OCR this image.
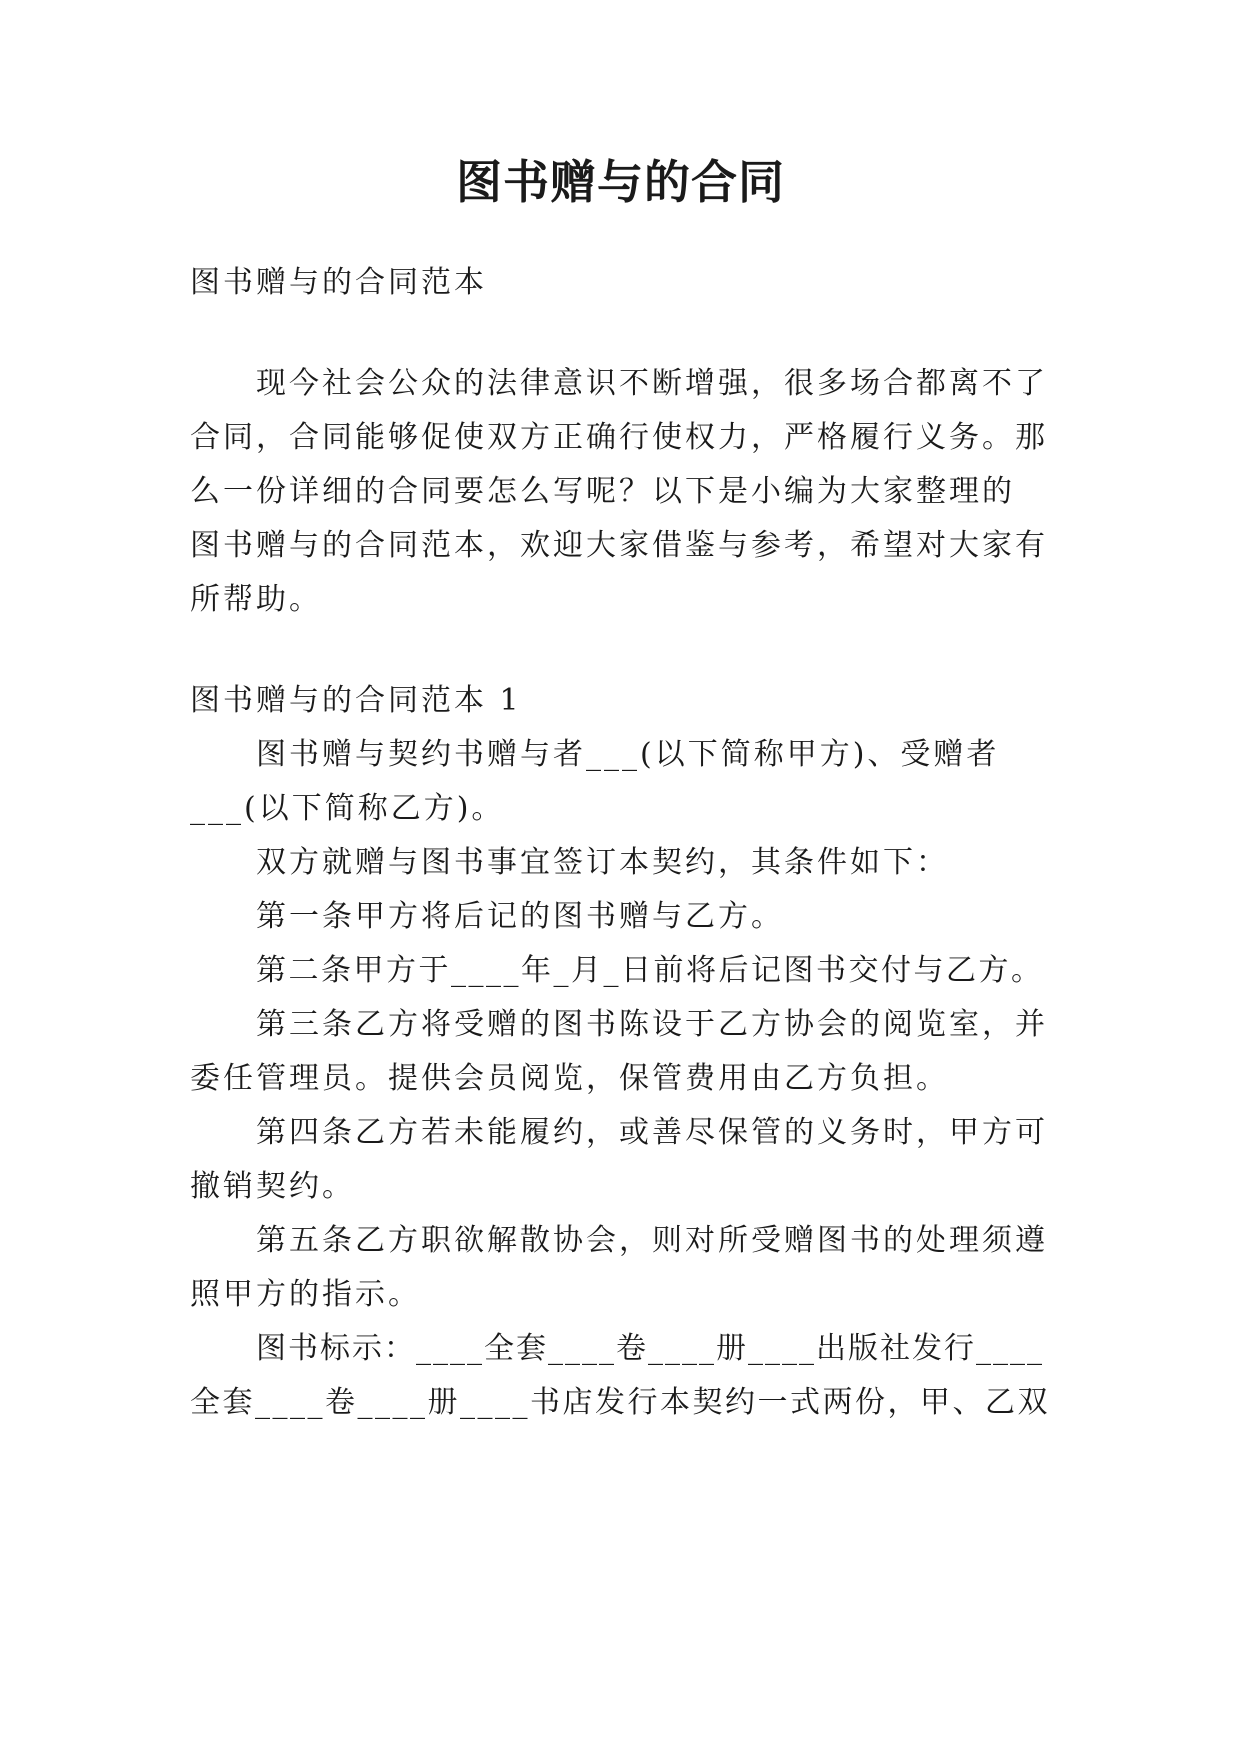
图书赠与的合同

图书赠与的合同范本

现今社会公众的法律意识不断增强，很多场合都离不了

合同，合同能够促使双方正确行使权力，严格履行义务。那

么一份详细的合同要怎么写呢？以下是小编为大家整理的

图书赠与的合同范本，欢迎大家借鉴与参考，希望对大家有

所帮助。

图书赠与的合同范本 1

图书赠与契约书赠与者___(以下简称甲方)、受赠者

___(以下简称乙方)。

双方就赠与图书事宜签订本契约，其条件如下：

第一条甲方将后记的图书赠与乙方。

第二条甲方于____年_月_日前将后记图书交付与乙方。

第三条乙方将受赠的图书陈设于乙方协会的阅览室，并

委任管理员。提供会员阅览，保管费用由乙方负担。

第四条乙方若未能履约，或善尽保管的义务时，甲方可

撤销契约。

第五条乙方职欲解散协会，则对所受赠图书的处理须遵

照甲方的指示。

图书标示：____全套____卷____册____出版社发行____

全套____卷____册____书店发行本契约一式两份，甲、乙双
